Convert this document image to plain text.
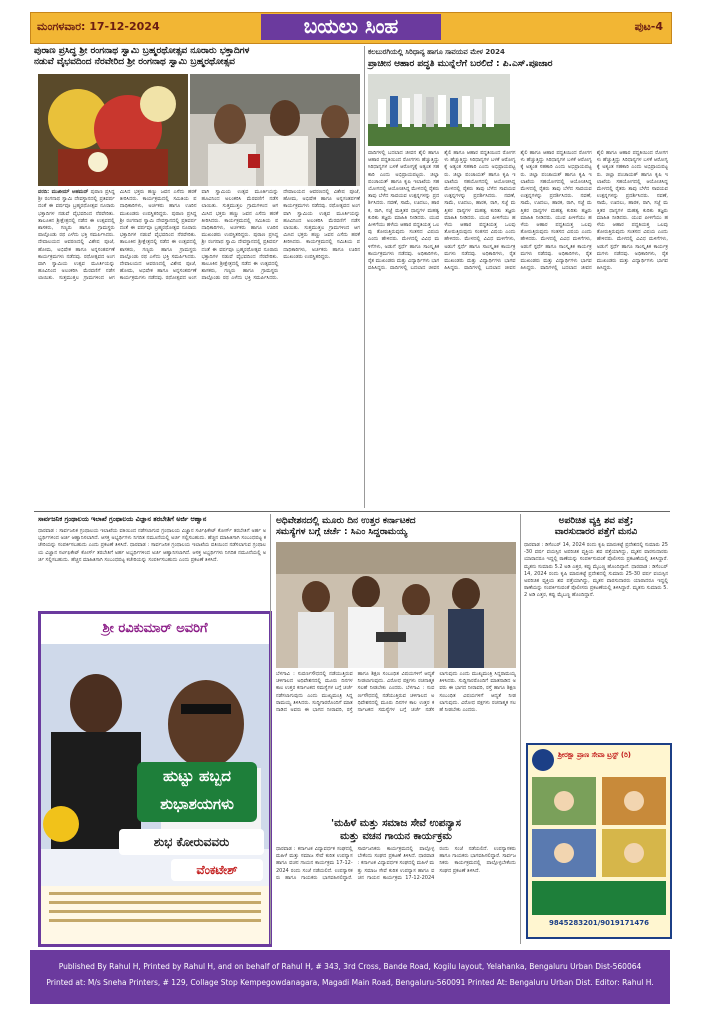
ಮಂಗಳವಾರ: 17-12-2024	ಬಯಲು ಸಿಂಹ	ಪುಟ-4
ಪುರಾಣ ಪ್ರಸಿದ್ಧ ಶ್ರೀ ರಂಗನಾಥ ಸ್ವಾಮಿ ಬ್ರಹ್ಮರಥೋತ್ಸವ ನೂರಾರು ಭಕ್ತಾದಿಗಳ
ನಡುವೆ ವೈಭವದಿಂದ ನೆರವೇರಿದ ಶ್ರೀ ರಂಗನಾಥ ಸ್ವಾಮಿ ಬ್ರಹ್ಮರಥೋತ್ಸವ
ವರದಿ: ಮುಖೀಮ್ ಅಹಮದ್ ಪುರಾಣ ಪ್ರಸಿದ್ಧ ಶ್ರೀ ರಂಗನಾಥ ಸ್ವಾಮಿ ದೇವಸ್ಥಾನದಲ್ಲಿ ಪ್ರತಿವರ್ಷದಂತೆ ಈ ವರ್ಷವೂ ಬ್ರಹ್ಮರಥೋತ್ಸವ ನೂರಾರು ಭಕ್ತಾದಿಗಳ ನಡುವೆ ವೈಭವದಿಂದ ನೆರವೇರಿತು. ತಾಲೂಕಿನ ಶ್ರೀಕ್ಷೇತ್ರದಲ್ಲಿ ನಡೆದ ಈ ಉತ್ಸವದಲ್ಲಿ ಶಾಸಕರು, ಗಣ್ಯರು ಹಾಗೂ ಗ್ರಾಮಸ್ಥರು ಪಾಲ್ಗೊಂಡು ರಥ ಎಳೆದು ಭಕ್ತಿ ಸಮರ್ಪಿಸಿದರು. ದೇವಾಲಯದ ಆವರಣದಲ್ಲಿ ವಿಶೇಷ ಪೂಜೆ, ಹೋಮ, ಅಭಿಷೇಕ ಹಾಗೂ ಅನ್ನಸಂತರ್ಪಣೆ ಕಾರ್ಯಕ್ರಮಗಳು ನಡೆದವು. ರಥೋತ್ಸವದ ಅಂಗವಾಗಿ ಸ್ವಾಮಿಯ ಉತ್ಸವ ಮೂರ್ತಿಯನ್ನು ಹೂವಿನಿಂದ ಅಲಂಕರಿಸಿ ಮೆರವಣಿಗೆ ನಡೆಸಲಾಯಿತು. ಸುತ್ತಮುತ್ತಲ ಗ್ರಾಮಗಳಿಂದ ಆಗಮಿಸಿದ ಭಕ್ತರು ಹಣ್ಣು ಜವನ ಎಸೆದು ಹರಕೆ ತೀರಿಸಿದರು. ಕಾರ್ಯಕ್ರಮದಲ್ಲಿ ಸಮಿತಿಯ ಪದಾಧಿಕಾರಿಗಳು, ಅರ್ಚಕರು ಹಾಗೂ ಊರಿನ ಮುಖಂಡರು ಉಪಸ್ಥಿತರಿದ್ದರು. ಪುರಾಣ ಪ್ರಸಿದ್ಧ ಶ್ರೀ ರಂಗನಾಥ ಸ್ವಾಮಿ ದೇವಸ್ಥಾನದಲ್ಲಿ ಪ್ರತಿವರ್ಷದಂತೆ ಈ ವರ್ಷವೂ ಬ್ರಹ್ಮರಥೋತ್ಸವ ನೂರಾರು ಭಕ್ತಾದಿಗಳ ನಡುವೆ ವೈಭವದಿಂದ ನೆರವೇರಿತು. ತಾಲೂಕಿನ ಶ್ರೀಕ್ಷೇತ್ರದಲ್ಲಿ ನಡೆದ ಈ ಉತ್ಸವದಲ್ಲಿ ಶಾಸಕರು, ಗಣ್ಯರು ಹಾಗೂ ಗ್ರಾಮಸ್ಥರು ಪಾಲ್ಗೊಂಡು ರಥ ಎಳೆದು ಭಕ್ತಿ ಸಮರ್ಪಿಸಿದರು. ದೇವಾಲಯದ ಆವರಣದಲ್ಲಿ ವಿಶೇಷ ಪೂಜೆ, ಹೋಮ, ಅಭಿಷೇಕ ಹಾಗೂ ಅನ್ನಸಂತರ್ಪಣೆ ಕಾರ್ಯಕ್ರಮಗಳು ನಡೆದವು. ರಥೋತ್ಸವದ ಅಂಗವಾಗಿ ಸ್ವಾಮಿಯ ಉತ್ಸವ ಮೂರ್ತಿಯನ್ನು ಹೂವಿನಿಂದ ಅಲಂಕರಿಸಿ ಮೆರವಣಿಗೆ ನಡೆಸಲಾಯಿತು. ಸುತ್ತಮುತ್ತಲ ಗ್ರಾಮಗಳಿಂದ ಆಗಮಿಸಿದ ಭಕ್ತರು ಹಣ್ಣು ಜವನ ಎಸೆದು ಹರಕೆ ತೀರಿಸಿದರು. ಕಾರ್ಯಕ್ರಮದಲ್ಲಿ ಸಮಿತಿಯ ಪದಾಧಿಕಾರಿಗಳು, ಅರ್ಚಕರು ಹಾಗೂ ಊರಿನ ಮುಖಂಡರು ಉಪಸ್ಥಿತರಿದ್ದರು. ಪುರಾಣ ಪ್ರಸಿದ್ಧ ಶ್ರೀ ರಂಗನಾಥ ಸ್ವಾಮಿ ದೇವಸ್ಥಾನದಲ್ಲಿ ಪ್ರತಿವರ್ಷದಂತೆ ಈ ವರ್ಷವೂ ಬ್ರಹ್ಮರಥೋತ್ಸವ ನೂರಾರು ಭಕ್ತಾದಿಗಳ ನಡುವೆ ವೈಭವದಿಂದ ನೆರವೇರಿತು. ತಾಲೂಕಿನ ಶ್ರೀಕ್ಷೇತ್ರದಲ್ಲಿ ನಡೆದ ಈ ಉತ್ಸವದಲ್ಲಿ ಶಾಸಕರು, ಗಣ್ಯರು ಹಾಗೂ ಗ್ರಾಮಸ್ಥರು ಪಾಲ್ಗೊಂಡು ರಥ ಎಳೆದು ಭಕ್ತಿ ಸಮರ್ಪಿಸಿದರು. ದೇವಾಲಯದ ಆವರಣದಲ್ಲಿ ವಿಶೇಷ ಪೂಜೆ, ಹೋಮ, ಅಭಿಷೇಕ ಹಾಗೂ ಅನ್ನಸಂತರ್ಪಣೆ ಕಾರ್ಯಕ್ರಮಗಳು ನಡೆದವು. ರಥೋತ್ಸವದ ಅಂಗವಾಗಿ ಸ್ವಾಮಿಯ ಉತ್ಸವ ಮೂರ್ತಿಯನ್ನು ಹೂವಿನಿಂದ ಅಲಂಕರಿಸಿ ಮೆರವಣಿಗೆ ನಡೆಸಲಾಯಿತು. ಸುತ್ತಮುತ್ತಲ ಗ್ರಾಮಗಳಿಂದ ಆಗಮಿಸಿದ ಭಕ್ತರು ಹಣ್ಣು ಜವನ ಎಸೆದು ಹರಕೆ ತೀರಿಸಿದರು. ಕಾರ್ಯಕ್ರಮದಲ್ಲಿ ಸಮಿತಿಯ ಪದಾಧಿಕಾರಿಗಳು, ಅರ್ಚಕರು ಹಾಗೂ ಊರಿನ ಮುಖಂಡರು ಉಪಸ್ಥಿತರಿದ್ದರು.
ಕಲಬುರಗಿಯಲ್ಲಿ ಸಿರಿಧಾನ್ಯ ಹಾಗೂ ಸಾವಯವ ಮೇಳ 2024
ಪ್ರಾಚೀನ ಆಹಾರ ಪದ್ಧತಿ ಮುನ್ನೆಲೆಗೆ ಬರಲಿದೆ : ಪಿ.ಎಸ್.ಪೂಜಾರ
ವಾದಿಗಳಲ್ಲಿ ಬದಲಾದ ಜೀವನ ಶೈಲಿ ಹಾಗೂ ಆಹಾರ ಪದ್ಧತಿಯಿಂದ ರೋಗಗಳು ಹೆಚ್ಚುತ್ತಿದ್ದು ಸಿರಿಧಾನ್ಯಗಳ ಬಳಕೆ ಆರೋಗ್ಯಕ್ಕೆ ಅತ್ಯಂತ ಸಹಕಾರಿ ಎಂದು ಅಭಿಪ್ರಾಯಪಟ್ಟರು. ಜಿಲ್ಲಾ ಪಂಚಾಯತ್ ಹಾಗೂ ಕೃಷಿ ಇಲಾಖೆಯ ಸಹಯೋಗದಲ್ಲಿ ಆಯೋಜಿಸಿದ್ದ ಮೇಳದಲ್ಲಿ ರೈತರು ತಾವು ಬೆಳೆದ ಸಾವಯವ ಉತ್ಪನ್ನಗಳನ್ನು ಪ್ರದರ್ಶಿಸಿದರು. ನವಣೆ, ಸಾಮೆ, ಊದಲು, ಹಾರಕ, ರಾಗಿ, ಸಜ್ಜೆ ಮತ್ತಿತರ ಧಾನ್ಯಗಳ ಮಹತ್ವ ಕುರಿತು ತಜ್ಞರು ಮಾಹಿತಿ ನೀಡಿದರು. ಯುವ ಪೀಳಿಗೆಯು ಹಳೆಯ ಆಹಾರ ಪದ್ಧತಿಯತ್ತ ಒಲವು ತೋರುತ್ತಿರುವುದು ಸಂತಸದ ವಿಷಯ ಎಂದು ಹೇಳಿದರು. ಮೇಳದಲ್ಲಿ ವಿವಿಧ ಮಳಿಗೆಗಳು, ಅಡುಗೆ ಸ್ಪರ್ಧೆ ಹಾಗೂ ಸಾಂಸ್ಕೃತಿಕ ಕಾರ್ಯಕ್ರಮಗಳು ನಡೆದವು. ಅಧಿಕಾರಿಗಳು, ರೈತ ಮುಖಂಡರು ಮತ್ತು ವಿದ್ಯಾರ್ಥಿಗಳು ಭಾಗವಹಿಸಿದ್ದರು. ವಾದಿಗಳಲ್ಲಿ ಬದಲಾದ ಜೀವನ ಶೈಲಿ ಹಾಗೂ ಆಹಾರ ಪದ್ಧತಿಯಿಂದ ರೋಗಗಳು ಹೆಚ್ಚುತ್ತಿದ್ದು ಸಿರಿಧಾನ್ಯಗಳ ಬಳಕೆ ಆರೋಗ್ಯಕ್ಕೆ ಅತ್ಯಂತ ಸಹಕಾರಿ ಎಂದು ಅಭಿಪ್ರಾಯಪಟ್ಟರು. ಜಿಲ್ಲಾ ಪಂಚಾಯತ್ ಹಾಗೂ ಕೃಷಿ ಇಲಾಖೆಯ ಸಹಯೋಗದಲ್ಲಿ ಆಯೋಜಿಸಿದ್ದ ಮೇಳದಲ್ಲಿ ರೈತರು ತಾವು ಬೆಳೆದ ಸಾವಯವ ಉತ್ಪನ್ನಗಳನ್ನು ಪ್ರದರ್ಶಿಸಿದರು. ನವಣೆ, ಸಾಮೆ, ಊದಲು, ಹಾರಕ, ರಾಗಿ, ಸಜ್ಜೆ ಮತ್ತಿತರ ಧಾನ್ಯಗಳ ಮಹತ್ವ ಕುರಿತು ತಜ್ಞರು ಮಾಹಿತಿ ನೀಡಿದರು. ಯುವ ಪೀಳಿಗೆಯು ಹಳೆಯ ಆಹಾರ ಪದ್ಧತಿಯತ್ತ ಒಲವು ತೋರುತ್ತಿರುವುದು ಸಂತಸದ ವಿಷಯ ಎಂದು ಹೇಳಿದರು. ಮೇಳದಲ್ಲಿ ವಿವಿಧ ಮಳಿಗೆಗಳು, ಅಡುಗೆ ಸ್ಪರ್ಧೆ ಹಾಗೂ ಸಾಂಸ್ಕೃತಿಕ ಕಾರ್ಯಕ್ರಮಗಳು ನಡೆದವು. ಅಧಿಕಾರಿಗಳು, ರೈತ ಮುಖಂಡರು ಮತ್ತು ವಿದ್ಯಾರ್ಥಿಗಳು ಭಾಗವಹಿಸಿದ್ದರು. ವಾದಿಗಳಲ್ಲಿ ಬದಲಾದ ಜೀವನ ಶೈಲಿ ಹಾಗೂ ಆಹಾರ ಪದ್ಧತಿಯಿಂದ ರೋಗಗಳು ಹೆಚ್ಚುತ್ತಿದ್ದು ಸಿರಿಧಾನ್ಯಗಳ ಬಳಕೆ ಆರೋಗ್ಯಕ್ಕೆ ಅತ್ಯಂತ ಸಹಕಾರಿ ಎಂದು ಅಭಿಪ್ರಾಯಪಟ್ಟರು. ಜಿಲ್ಲಾ ಪಂಚಾಯತ್ ಹಾಗೂ ಕೃಷಿ ಇಲಾಖೆಯ ಸಹಯೋಗದಲ್ಲಿ ಆಯೋಜಿಸಿದ್ದ ಮೇಳದಲ್ಲಿ ರೈತರು ತಾವು ಬೆಳೆದ ಸಾವಯವ ಉತ್ಪನ್ನಗಳನ್ನು ಪ್ರದರ್ಶಿಸಿದರು. ನವಣೆ, ಸಾಮೆ, ಊದಲು, ಹಾರಕ, ರಾಗಿ, ಸಜ್ಜೆ ಮತ್ತಿತರ ಧಾನ್ಯಗಳ ಮಹತ್ವ ಕುರಿತು ತಜ್ಞರು ಮಾಹಿತಿ ನೀಡಿದರು. ಯುವ ಪೀಳಿಗೆಯು ಹಳೆಯ ಆಹಾರ ಪದ್ಧತಿಯತ್ತ ಒಲವು ತೋರುತ್ತಿರುವುದು ಸಂತಸದ ವಿಷಯ ಎಂದು ಹೇಳಿದರು. ಮೇಳದಲ್ಲಿ ವಿವಿಧ ಮಳಿಗೆಗಳು, ಅಡುಗೆ ಸ್ಪರ್ಧೆ ಹಾಗೂ ಸಾಂಸ್ಕೃತಿಕ ಕಾರ್ಯಕ್ರಮಗಳು ನಡೆದವು. ಅಧಿಕಾರಿಗಳು, ರೈತ ಮುಖಂಡರು ಮತ್ತು ವಿದ್ಯಾರ್ಥಿಗಳು ಭಾಗವಹಿಸಿದ್ದರು. ವಾದಿಗಳಲ್ಲಿ ಬದಲಾದ ಜೀವನ ಶೈಲಿ ಹಾಗೂ ಆಹಾರ ಪದ್ಧತಿಯಿಂದ ರೋಗಗಳು ಹೆಚ್ಚುತ್ತಿದ್ದು ಸಿರಿಧಾನ್ಯಗಳ ಬಳಕೆ ಆರೋಗ್ಯಕ್ಕೆ ಅತ್ಯಂತ ಸಹಕಾರಿ ಎಂದು ಅಭಿಪ್ರಾಯಪಟ್ಟರು. ಜಿಲ್ಲಾ ಪಂಚಾಯತ್ ಹಾಗೂ ಕೃಷಿ ಇಲಾಖೆಯ ಸಹಯೋಗದಲ್ಲಿ ಆಯೋಜಿಸಿದ್ದ ಮೇಳದಲ್ಲಿ ರೈತರು ತಾವು ಬೆಳೆದ ಸಾವಯವ ಉತ್ಪನ್ನಗಳನ್ನು ಪ್ರದರ್ಶಿಸಿದರು. ನವಣೆ, ಸಾಮೆ, ಊದಲು, ಹಾರಕ, ರಾಗಿ, ಸಜ್ಜೆ ಮತ್ತಿತರ ಧಾನ್ಯಗಳ ಮಹತ್ವ ಕುರಿತು ತಜ್ಞರು ಮಾಹಿತಿ ನೀಡಿದರು. ಯುವ ಪೀಳಿಗೆಯು ಹಳೆಯ ಆಹಾರ ಪದ್ಧತಿಯತ್ತ ಒಲವು ತೋರುತ್ತಿರುವುದು ಸಂತಸದ ವಿಷಯ ಎಂದು ಹೇಳಿದರು. ಮೇಳದಲ್ಲಿ ವಿವಿಧ ಮಳಿಗೆಗಳು, ಅಡುಗೆ ಸ್ಪರ್ಧೆ ಹಾಗೂ ಸಾಂಸ್ಕೃತಿಕ ಕಾರ್ಯಕ್ರಮಗಳು ನಡೆದವು. ಅಧಿಕಾರಿಗಳು, ರೈತ ಮುಖಂಡರು ಮತ್ತು ವಿದ್ಯಾರ್ಥಿಗಳು ಭಾಗವಹಿಸಿದ್ದರು.
ಸಾರ್ವಜನಿಕ ಗ್ರಂಥಾಲಯ ಇಲಾಖೆ ಗ್ರಂಥಾಲಯ ವಿಜ್ಞಾನ ತರಬೇತಿಗೆ ಅರ್ಜಿ ಆಹ್ವಾನ
ಧಾರವಾಡ : ಸಾರ್ವಜನಿಕ ಗ್ರಂಥಾಲಯ ಇಲಾಖೆಯ ವತಿಯಿಂದ ನಡೆಸಲಾಗುವ ಗ್ರಂಥಾಲಯ ವಿಜ್ಞಾನ ಸರ್ಟಿಫಿಕೇಟ್ ಕೋರ್ಸ್ ತರಬೇತಿಗೆ ಅರ್ಹ ಅಭ್ಯರ್ಥಿಗಳಿಂದ ಅರ್ಜಿ ಆಹ್ವಾನಿಸಲಾಗಿದೆ. ಆಸಕ್ತ ಅಭ್ಯರ್ಥಿಗಳು ನಿಗದಿತ ನಮೂನೆಯಲ್ಲಿ ಅರ್ಜಿ ಸಲ್ಲಿಸಬಹುದು. ಹೆಚ್ಚಿನ ಮಾಹಿತಿಗಾಗಿ ಸಂಬಂಧಪಟ್ಟ ಕಚೇರಿಯನ್ನು ಸಂಪರ್ಕಿಸಬಹುದು ಎಂದು ಪ್ರಕಟಣೆ ತಿಳಿಸಿದೆ. ಧಾರವಾಡ : ಸಾರ್ವಜನಿಕ ಗ್ರಂಥಾಲಯ ಇಲಾಖೆಯ ವತಿಯಿಂದ ನಡೆಸಲಾಗುವ ಗ್ರಂಥಾಲಯ ವಿಜ್ಞಾನ ಸರ್ಟಿಫಿಕೇಟ್ ಕೋರ್ಸ್ ತರಬೇತಿಗೆ ಅರ್ಹ ಅಭ್ಯರ್ಥಿಗಳಿಂದ ಅರ್ಜಿ ಆಹ್ವಾನಿಸಲಾಗಿದೆ. ಆಸಕ್ತ ಅಭ್ಯರ್ಥಿಗಳು ನಿಗದಿತ ನಮೂನೆಯಲ್ಲಿ ಅರ್ಜಿ ಸಲ್ಲಿಸಬಹುದು. ಹೆಚ್ಚಿನ ಮಾಹಿತಿಗಾಗಿ ಸಂಬಂಧಪಟ್ಟ ಕಚೇರಿಯನ್ನು ಸಂಪರ್ಕಿಸಬಹುದು ಎಂದು ಪ್ರಕಟಣೆ ತಿಳಿಸಿದೆ.
ಶ್ರೀ ರವಿಕುಮಾರ್ ಅವರಿಗೆ
ಹುಟ್ಟು ಹಬ್ಬದ
ಶುಭಾಶಯಗಳು
ಶುಭ ಕೋರುವವರು
ವೆಂಕಟೇಶ್
ಅಧಿವೇಶನದಲ್ಲಿ ಮೂರು ದಿನ ಉತ್ತರ ಕರ್ನಾಟಕದ
ಸಮಸ್ಯೆಗಳ ಬಗ್ಗೆ ಚರ್ಚೆ : ಸಿಎಂ ಸಿದ್ದರಾಮಯ್ಯ
ಬೆಳಗಾವಿ : ಸುವರ್ಣಸೌಧದಲ್ಲಿ ನಡೆಯುತ್ತಿರುವ ಚಳಿಗಾಲದ ಅಧಿವೇಶನದಲ್ಲಿ ಮೂರು ದಿನಗಳ ಕಾಲ ಉತ್ತರ ಕರ್ನಾಟಕದ ಸಮಸ್ಯೆಗಳ ಬಗ್ಗೆ ಚರ್ಚೆ ನಡೆಸಲಾಗುವುದು ಎಂದು ಮುಖ್ಯಮಂತ್ರಿ ಸಿದ್ದರಾಮಯ್ಯ ತಿಳಿಸಿದರು. ಸುದ್ದಿಗಾರರೊಂದಿಗೆ ಮಾತನಾಡಿದ ಅವರು ಈ ಭಾಗದ ನೀರಾವರಿ, ರಸ್ತೆ ಹಾಗೂ ಶಿಕ್ಷಣ ಸಂಬಂಧಿತ ವಿಷಯಗಳಿಗೆ ಆದ್ಯತೆ ನೀಡಲಾಗುವುದು. ವಿರೋಧ ಪಕ್ಷಗಳು ರಚನಾತ್ಮಕ ಸಲಹೆ ನೀಡಬೇಕು ಎಂದರು. ಬೆಳಗಾವಿ : ಸುವರ್ಣಸೌಧದಲ್ಲಿ ನಡೆಯುತ್ತಿರುವ ಚಳಿಗಾಲದ ಅಧಿವೇಶನದಲ್ಲಿ ಮೂರು ದಿನಗಳ ಕಾಲ ಉತ್ತರ ಕರ್ನಾಟಕದ ಸಮಸ್ಯೆಗಳ ಬಗ್ಗೆ ಚರ್ಚೆ ನಡೆಸಲಾಗುವುದು ಎಂದು ಮುಖ್ಯಮಂತ್ರಿ ಸಿದ್ದರಾಮಯ್ಯ ತಿಳಿಸಿದರು. ಸುದ್ದಿಗಾರರೊಂದಿಗೆ ಮಾತನಾಡಿದ ಅವರು ಈ ಭಾಗದ ನೀರಾವರಿ, ರಸ್ತೆ ಹಾಗೂ ಶಿಕ್ಷಣ ಸಂಬಂಧಿತ ವಿಷಯಗಳಿಗೆ ಆದ್ಯತೆ ನೀಡಲಾಗುವುದು. ವಿರೋಧ ಪಕ್ಷಗಳು ರಚನಾತ್ಮಕ ಸಲಹೆ ನೀಡಬೇಕು ಎಂದರು.
'ಮಹಿಳೆ ಮತ್ತು ಸಮಾಜ ಸೇವೆ ಉಪನ್ಯಾಸ
ಮತ್ತು ವಚನ ಗಾಯನ ಕಾರ್ಯಕ್ರಮ
ಧಾರವಾಡ : ಕರ್ನಾಟಕ ವಿದ್ಯಾವರ್ಧಕ ಸಂಘದಲ್ಲಿ ಮಹಿಳೆ ಮತ್ತು ಸಮಾಜ ಸೇವೆ ಕುರಿತ ಉಪನ್ಯಾಸ ಹಾಗೂ ವಚನ ಗಾಯನ ಕಾರ್ಯಕ್ರಮ 17-12-2024 ರಂದು ಸಂಜೆ ನಡೆಯಲಿದೆ. ಉಪನ್ಯಾಸಕರು ಹಾಗೂ ಗಾಯಕರು ಭಾಗವಹಿಸಲಿದ್ದಾರೆ. ಸಾರ್ವಜನಿಕರು ಕಾರ್ಯಕ್ರಮದಲ್ಲಿ ಪಾಲ್ಗೊಳ್ಳಬೇಕೆಂದು ಸಂಘದ ಪ್ರಕಟಣೆ ತಿಳಿಸಿದೆ. ಧಾರವಾಡ : ಕರ್ನಾಟಕ ವಿದ್ಯಾವರ್ಧಕ ಸಂಘದಲ್ಲಿ ಮಹಿಳೆ ಮತ್ತು ಸಮಾಜ ಸೇವೆ ಕುರಿತ ಉಪನ್ಯಾಸ ಹಾಗೂ ವಚನ ಗಾಯನ ಕಾರ್ಯಕ್ರಮ 17-12-2024 ರಂದು ಸಂಜೆ ನಡೆಯಲಿದೆ. ಉಪನ್ಯಾಸಕರು ಹಾಗೂ ಗಾಯಕರು ಭಾಗವಹಿಸಲಿದ್ದಾರೆ. ಸಾರ್ವಜನಿಕರು ಕಾರ್ಯಕ್ರಮದಲ್ಲಿ ಪಾಲ್ಗೊಳ್ಳಬೇಕೆಂದು ಸಂಘದ ಪ್ರಕಟಣೆ ತಿಳಿಸಿದೆ.
ಅಪರಿಚಿತ ವ್ಯಕ್ತಿ ಶವ ಪತ್ತೆ;
ವಾರಸುದಾರರ ಪತ್ತೆಗೆ ಮನವಿ
ಧಾರವಾಡ : ಡಿಸೆಂಬರ್ 14, 2024 ರಂದು ಕೃಷಿ ಮಾರುಕಟ್ಟೆ ಪ್ರದೇಶದಲ್ಲಿ ಸುಮಾರು 25-30 ವರ್ಷ ವಯಸ್ಸಿನ ಅಪರಿಚಿತ ವ್ಯಕ್ತಿಯ ಶವ ಪತ್ತೆಯಾಗಿದ್ದು, ಮೃತನ ವಾರಸುದಾರರು ಯಾರಾದರೂ ಇದ್ದಲ್ಲಿ ಠಾಣೆಯನ್ನು ಸಂಪರ್ಕಿಸುವಂತೆ ಪೊಲೀಸರು ಪ್ರಕಟಣೆಯಲ್ಲಿ ತಿಳಿಸಿದ್ದಾರೆ. ಮೃತನು ಸುಮಾರು 5.2 ಅಡಿ ಎತ್ತರ, ಕಪ್ಪು ಮೈಬಣ್ಣ ಹೊಂದಿದ್ದಾನೆ. ಧಾರವಾಡ : ಡಿಸೆಂಬರ್ 14, 2024 ರಂದು ಕೃಷಿ ಮಾರುಕಟ್ಟೆ ಪ್ರದೇಶದಲ್ಲಿ ಸುಮಾರು 25-30 ವರ್ಷ ವಯಸ್ಸಿನ ಅಪರಿಚಿತ ವ್ಯಕ್ತಿಯ ಶವ ಪತ್ತೆಯಾಗಿದ್ದು, ಮೃತನ ವಾರಸುದಾರರು ಯಾರಾದರೂ ಇದ್ದಲ್ಲಿ ಠಾಣೆಯನ್ನು ಸಂಪರ್ಕಿಸುವಂತೆ ಪೊಲೀಸರು ಪ್ರಕಟಣೆಯಲ್ಲಿ ತಿಳಿಸಿದ್ದಾರೆ. ಮೃತನು ಸುಮಾರು 5.2 ಅಡಿ ಎತ್ತರ, ಕಪ್ಪು ಮೈಬಣ್ಣ ಹೊಂದಿದ್ದಾನೆ.
ಶ್ರೀರಕ್ಷಾ ಪ್ರಾಣ ಸೇವಾ ಟ್ರಸ್ಟ್ (ರಿ)
9845283201/9019171476
Published By Rahul H, Printed by Rahul H, and on behalf of Rahul H, # 343, 3rd Cross, Bande Road, Kogilu layout, Yelahanka, Bengaluru Urban Dist-560064
Printed at: M/s Sneha Printers, # 129, Collage Stop Kempegowdanagara, Magadi Main Road, Bengaluru-560091 Printed At: Bengaluru Urban Dist. Editor: Rahul H.
